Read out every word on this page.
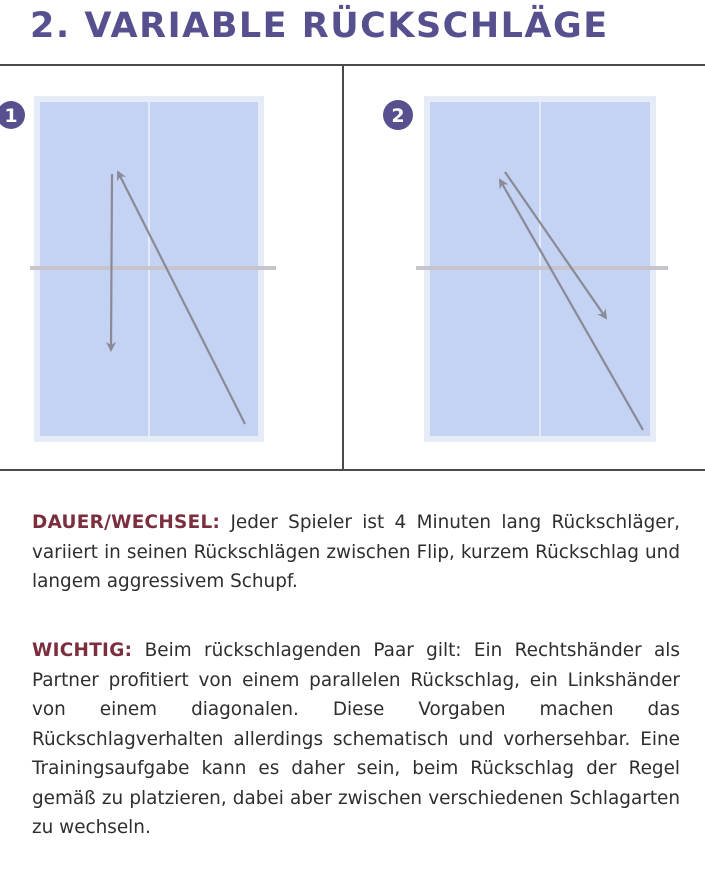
2. VARIABLE RÜCKSCHLÄGE
1	2
DAUER/WECHSEL: Jeder Spieler ist 4 Minuten lang Rückschläger, variiert in seinen Rückschlägen zwischen Flip, kurzem Rückschlag und langem aggressivem Schupf.
WICHTIG: Beim rückschlagenden Paar gilt: Ein Rechtshänder als Partner profitiert von einem parallelen Rückschlag, ein Linkshänder von einem diagonalen. Diese Vorgaben machen das Rückschlagverhalten allerdings schematisch und vorhersehbar. Eine Trainingsaufgabe kann es daher sein, beim Rückschlag der Regel gemäß zu platzieren, dabei aber zwischen verschiedenen Schlagarten zu wechseln.
